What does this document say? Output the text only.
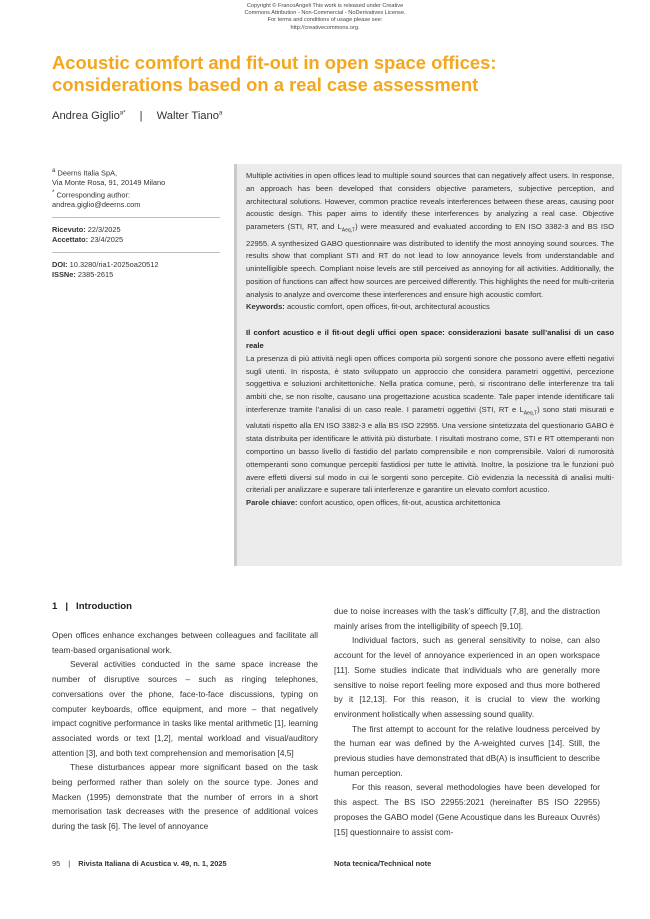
Copyright © FrancoAngeli This work is released under Creative
Commons Attribution - Non-Commercial - NoDerivatives License.
For terms and conditions of usage please see:
http://creativecommons.org.
Acoustic comfort and fit-out in open space offices:
considerations based on a real case assessment
Andrea Giglio$^{a*}$ | Walter Tiano$^a$
$^a$ Deerns Italia SpA,
Via Monte Rosa, 91, 20149 Milano
* Corresponding author:
andrea.giglio@deerns.com
Ricevuto: 22/3/2025
Accettato: 23/4/2025
DOI: 10.3280/ria1-2025oa20512
ISSNe: 2385-2615

Multiple activities in open offices lead to multiple sound sources that can negatively affect users. In response, an approach has been developed that considers objective parameters, subjective perception, and architectural solutions. However, common practice reveals interferences between these areas, causing poor acoustic design. This paper aims to identify these interferences by analyzing a real case. Objective parameters (STI, RT, and $L_{Aeq,T}$) were measured and evaluated according to EN ISO 3382-3 and BS ISO 22955. A synthesized GABO questionnaire was distributed to identify the most annoying sound sources. The results show that compliant STI and RT do not lead to low annoyance levels from understandable and unintelligible speech. Compliant noise levels are still perceived as annoying for all activities. Additionally, the position of functions can affect how sources are perceived differently. This highlights the need for multi-criteria analysis to analyze and overcome these interferences and ensure high acoustic comfort.

Keywords: acoustic comfort, open offices, fit-out, architectural acoustics

Il confort acustico e il fit-out degli uffici open space: considerazioni basate sull’analisi di un caso reale

La presenza di più attività negli open offices comporta più sorgenti sonore che possono avere effetti negativi sugli utenti. In risposta, è stato sviluppato un approccio che considera parametri oggettivi, percezione soggettiva e soluzioni architettoniche. Nella pratica comune, però, si riscontrano delle interferenze tra tali ambiti che, se non risolte, causano una progettazione acustica scadente. Tale paper intende identificare tali interferenze tramite l’analisi di un caso reale. I parametri oggettivi (STI, RT e $L_{Aeq,T}$) sono stati misurati e valutati rispetto alla EN ISO 3382-3 e alla BS ISO 22955. Una versione sintetizzata del questionario GABO è stata distribuita per identificare le attività più disturbate. I risultati mostrano come, STI e RT ottemperanti non comportino un basso livello di fastidio del parlato comprensibile e non comprensibile. Valori di rumorosità ottemperanti sono comunque percepiti fastidiosi per tutte le attività. Inoltre, la posizione tra le funzioni può avere effetti diversi sul modo in cui le sorgenti sono percepite. Ciò evidenzia la necessità di analisi multi-criteriali per analizzare e superare tali interferenze e garantire un elevato comfort acustico.

Parole chiave: confort acustico, open offices, fit-out, acustica architettonica

1 | Introduction

Open offices enhance exchanges between colleagues and facilitate all team-based organisational work.

Several activities conducted in the same space increase the number of disruptive sources – such as ringing telephones, conversations over the phone, face-to-face discussions, typing on computer keyboards, office equipment, and more – that negatively impact cognitive performance in tasks like mental arithmetic [1], learning associated words or text [1,2], mental workload and visual/auditory attention [3], and both text comprehension and memorisation [4,5]

These disturbances appear more significant based on the task being performed rather than solely on the source type. Jones and Macken (1995) demonstrate that the number of errors in a short memorisation task decreases with the presence of additional voices during the task [6]. The level of annoyance

due to noise increases with the task’s difficulty [7,8], and the distraction mainly arises from the intelligibility of speech [9,10].

Individual factors, such as general sensitivity to noise, can also account for the level of annoyance experienced in an open workspace [11]. Some studies indicate that individuals who are generally more sensitive to noise report feeling more exposed and thus more bothered by it [12,13]. For this reason, it is crucial to view the working environment holistically when assessing sound quality.

The first attempt to account for the relative loudness perceived by the human ear was defined by the A-weighted curves [14]. Still, the previous studies have demonstrated that dB(A) is insufficient to describe human perception.

For this reason, several methodologies have been developed for this aspect. The BS ISO 22955:2021 (hereinafter BS ISO 22955) proposes the GABO model (Gene Acoustique dans les Bureaux Ouvrés) [15] questionnaire to assist com-

95 | Rivista Italiana di Acustica v. 49, n. 1, 2025	Nota tecnica/Technical note
